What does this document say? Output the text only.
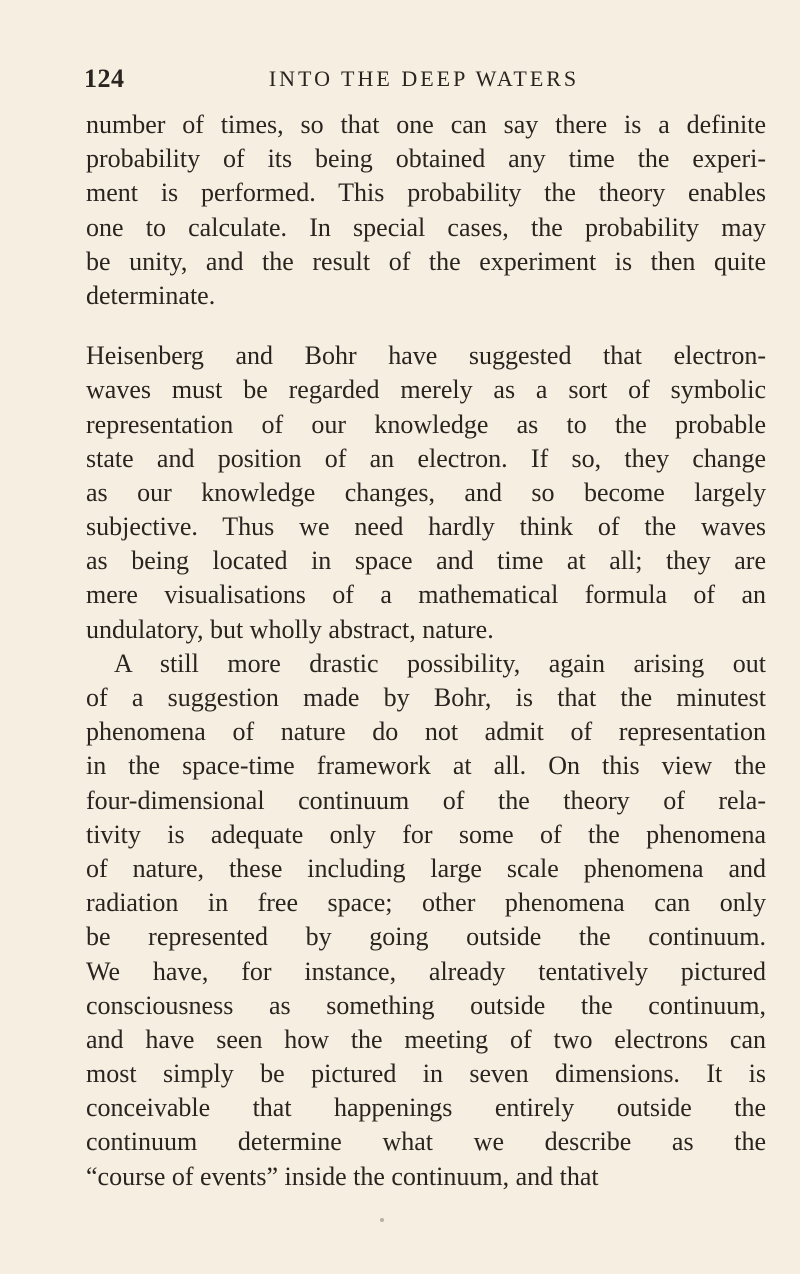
124	INTO THE DEEP WATERS
number of times, so that one can say there is a definite
probability of its being obtained any time the experi-
ment is performed. This probability the theory enables
one to calculate. In special cases, the probability may
be unity, and the result of the experiment is then quite
determinate.
Heisenberg and Bohr have suggested that electron-
waves must be regarded merely as a sort of symbolic
representation of our knowledge as to the probable
state and position of an electron. If so, they change
as our knowledge changes, and so become largely
subjective. Thus we need hardly think of the waves
as being located in space and time at all; they are
mere visualisations of a mathematical formula of an
undulatory, but wholly abstract, nature.
A still more drastic possibility, again arising out
of a suggestion made by Bohr, is that the minutest
phenomena of nature do not admit of representation
in the space-time framework at all. On this view the
four-dimensional continuum of the theory of rela-
tivity is adequate only for some of the phenomena
of nature, these including large scale phenomena and
radiation in free space; other phenomena can only
be represented by going outside the continuum.
We have, for instance, already tentatively pictured
consciousness as something outside the continuum,
and have seen how the meeting of two electrons can
most simply be pictured in seven dimensions. It is
conceivable that happenings entirely outside the
continuum determine what we describe as the
“course of events” inside the continuum, and that
